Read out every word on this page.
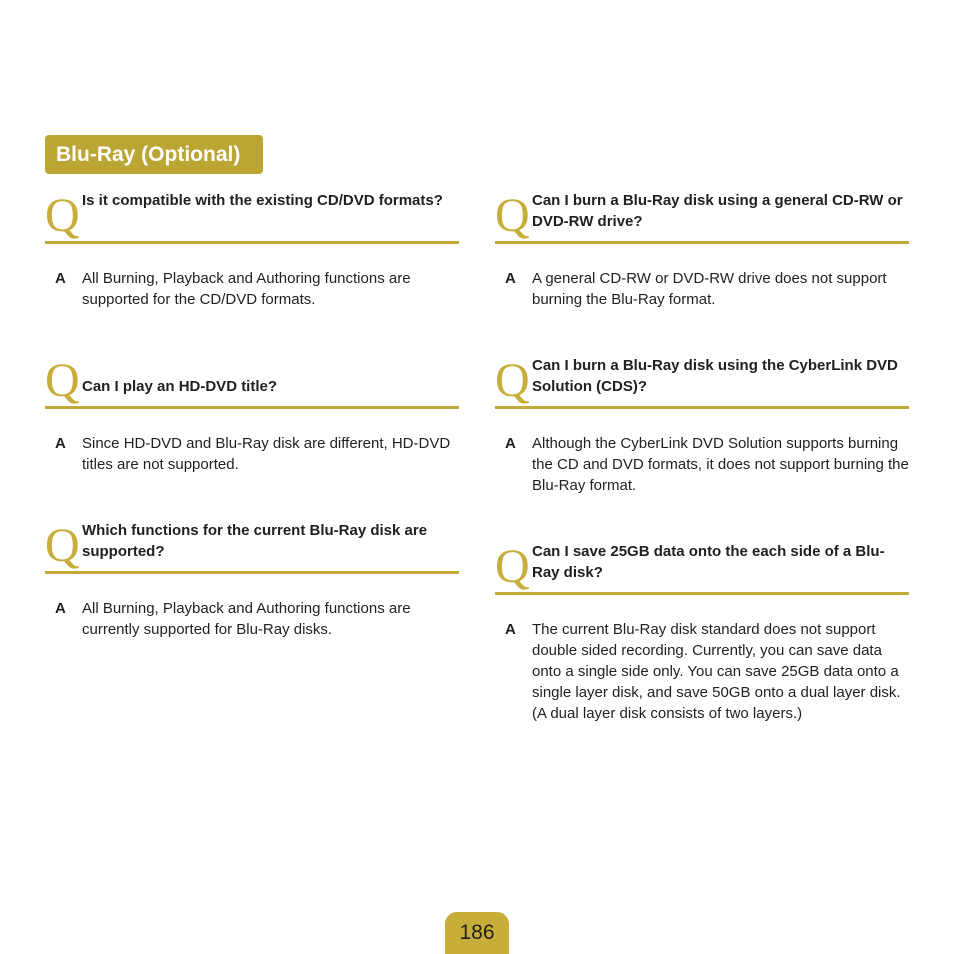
Blu-Ray (Optional)
Q Is it compatible with the existing CD/DVD formats?
A All Burning, Playback and Authoring functions are supported for the CD/DVD formats.
Q Can I play an HD-DVD title?
A Since HD-DVD and Blu-Ray disk are different, HD-DVD titles are not supported.
Q Which functions for the current Blu-Ray disk are supported?
A All Burning, Playback and Authoring functions are currently supported for Blu-Ray disks.
Q Can I burn a Blu-Ray disk using a general CD-RW or DVD-RW drive?
A A general CD-RW or DVD-RW drive does not support burning the Blu-Ray format.
Q Can I burn a Blu-Ray disk using the CyberLink DVD Solution (CDS)?
A Although the CyberLink DVD Solution supports burning the CD and DVD formats, it does not support burning the Blu-Ray format.
Q Can I save 25GB data onto the each side of a Blu-Ray disk?
A The current Blu-Ray disk standard does not support double sided recording. Currently, you can save data onto a single side only. You can save 25GB data onto a single layer disk, and save 50GB onto a dual layer disk. (A dual layer disk consists of two layers.)
186
